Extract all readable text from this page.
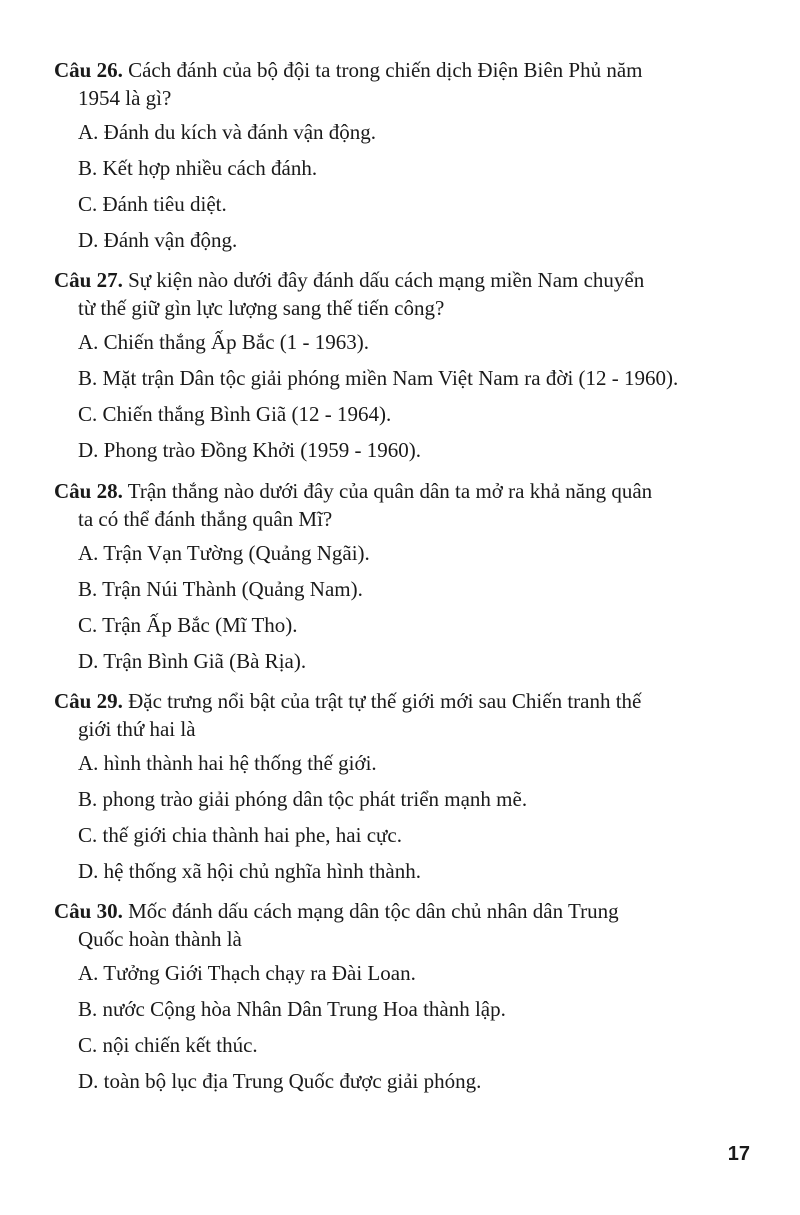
Câu 26. Cách đánh của bộ đội ta trong chiến dịch Điện Biên Phủ năm

1954 là gì?

A. Đánh du kích và đánh vận động.

B. Kết hợp nhiều cách đánh.

C. Đánh tiêu diệt.

D. Đánh vận động.

Câu 27. Sự kiện nào dưới đây đánh dấu cách mạng miền Nam chuyển

từ thế giữ gìn lực lượng sang thế tiến công?

A. Chiến thắng Ấp Bắc (1 - 1963).

B. Mặt trận Dân tộc giải phóng miền Nam Việt Nam ra đời (12 - 1960).

C. Chiến thắng Bình Giã (12 - 1964).

D. Phong trào Đồng Khởi (1959 - 1960).

Câu 28. Trận thắng nào dưới đây của quân dân ta mở ra khả năng quân

ta có thể đánh thắng quân Mĩ?

A. Trận Vạn Tường (Quảng Ngãi).

B. Trận Núi Thành (Quảng Nam).

C. Trận Ấp Bắc (Mĩ Tho).

D. Trận Bình Giã (Bà Rịa).

Câu 29. Đặc trưng nổi bật của trật tự thế giới mới sau Chiến tranh thế

giới thứ hai là

A. hình thành hai hệ thống thế giới.

B. phong trào giải phóng dân tộc phát triển mạnh mẽ.

C. thế giới chia thành hai phe, hai cực.

D. hệ thống xã hội chủ nghĩa hình thành.

Câu 30. Mốc đánh dấu cách mạng dân tộc dân chủ nhân dân Trung

Quốc hoàn thành là

A. Tưởng Giới Thạch chạy ra Đài Loan.

B. nước Cộng hòa Nhân Dân Trung Hoa thành lập.

C. nội chiến kết thúc.

D. toàn bộ lục địa Trung Quốc được giải phóng.

17
